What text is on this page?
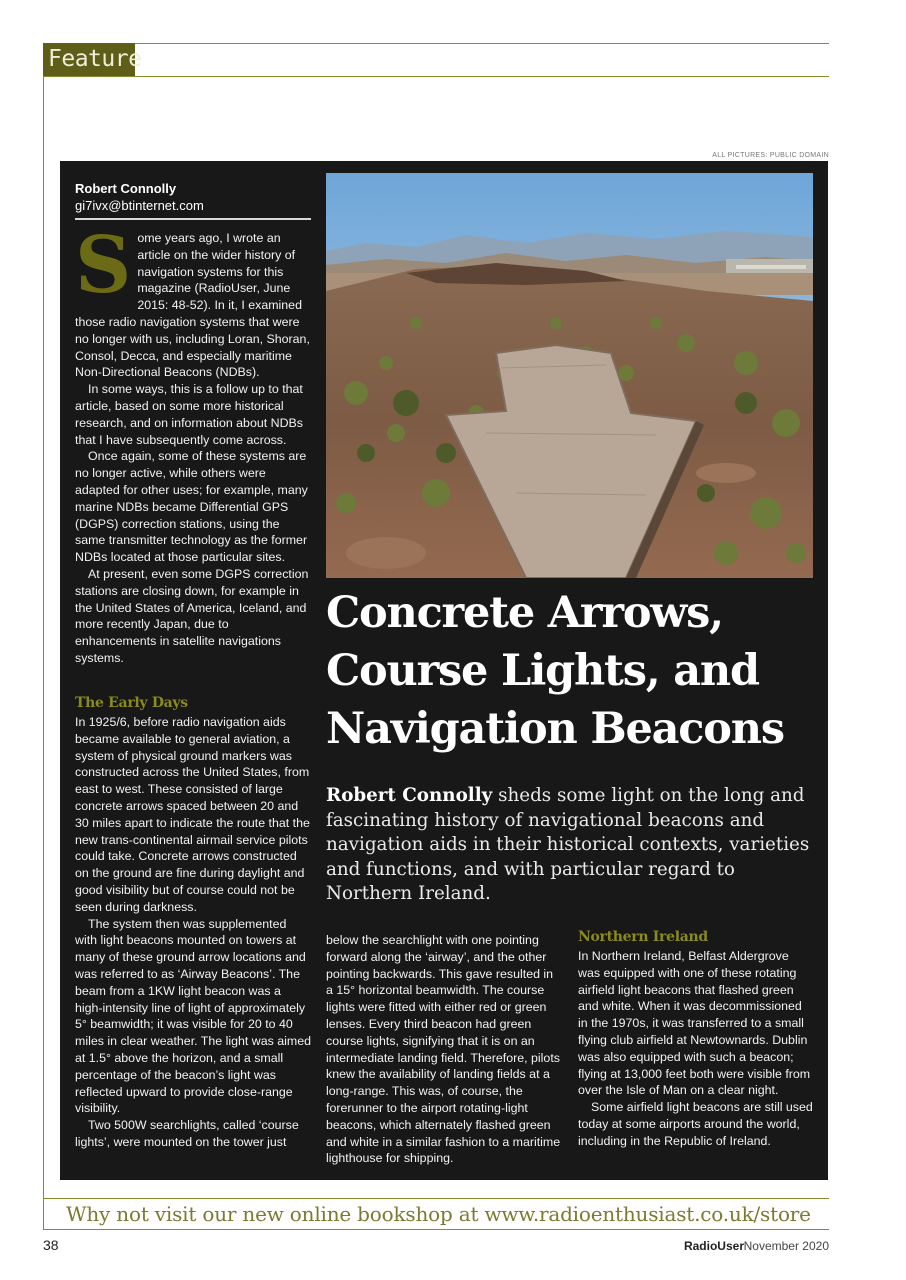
Feature
ALL PICTURES: PUBLIC DOMAIN
Robert Connolly
gi7ivx@btinternet.com
S ome years ago, I wrote an article on the wider history of navigation systems for this magazine (RadioUser, June 2015: 48-52). In it, I examined those radio navigation systems that were no longer with us, including Loran, Shoran, Consol, Decca, and especially maritime Non-Directional Beacons (NDBs).

In some ways, this is a follow up to that article, based on some more historical research, and on information about NDBs that I have subsequently come across.

Once again, some of these systems are no longer active, while others were adapted for other uses; for example, many marine NDBs became Differential GPS (DGPS) correction stations, using the same transmitter technology as the former NDBs located at those particular sites.

At present, even some DGPS correction stations are closing down, for example in the United States of America, Iceland, and more recently Japan, due to enhancements in satellite navigations systems.

The Early Days

In 1925/6, before radio navigation aids became available to general aviation, a system of physical ground markers was constructed across the United States, from east to west. These consisted of large concrete arrows spaced between 20 and 30 miles apart to indicate the route that the new trans-continental airmail service pilots could take. Concrete arrows constructed on the ground are fine during daylight and good visibility but of course could not be seen during darkness.

The system then was supplemented with light beacons mounted on towers at many of these ground arrow locations and was referred to as ‘Airway Beacons’. The beam from a 1KW light beacon was a high-intensity line of light of approximately 5° beamwidth; it was visible for 20 to 40 miles in clear weather. The light was aimed at 1.5° above the horizon, and a small percentage of the beacon’s light was reflected upward to provide close-range visibility.

Two 500W searchlights, called ‘course lights’, were mounted on the tower just

Concrete Arrows, Course Lights, and Navigation Beacons
Robert Connolly sheds some light on the long and fascinating history of navigational beacons and navigation aids in their historical contexts, varieties and functions, and with particular regard to Northern Ireland.

below the searchlight with one pointing forward along the ‘airway’, and the other pointing backwards. This gave resulted in a 15° horizontal beamwidth. The course lights were fitted with either red or green lenses. Every third beacon had green course lights, signifying that it is on an intermediate landing field. Therefore, pilots knew the availability of landing fields at a long-range. This was, of course, the forerunner to the airport rotating-light beacons, which alternately flashed green and white in a similar fashion to a maritime lighthouse for shipping.

Northern Ireland

In Northern Ireland, Belfast Aldergrove was equipped with one of these rotating airfield light beacons that flashed green and white. When it was decommissioned in the 1970s, it was transferred to a small flying club airfield at Newtownards. Dublin was also equipped with such a beacon; flying at 13,000 feet both were visible from over the Isle of Man on a clear night.

Some airfield light beacons are still used today at some airports around the world, including in the Republic of Ireland.

Why not visit our new online bookshop at www.radioenthusiast.co.uk/store
38	RadioUser November 2020
